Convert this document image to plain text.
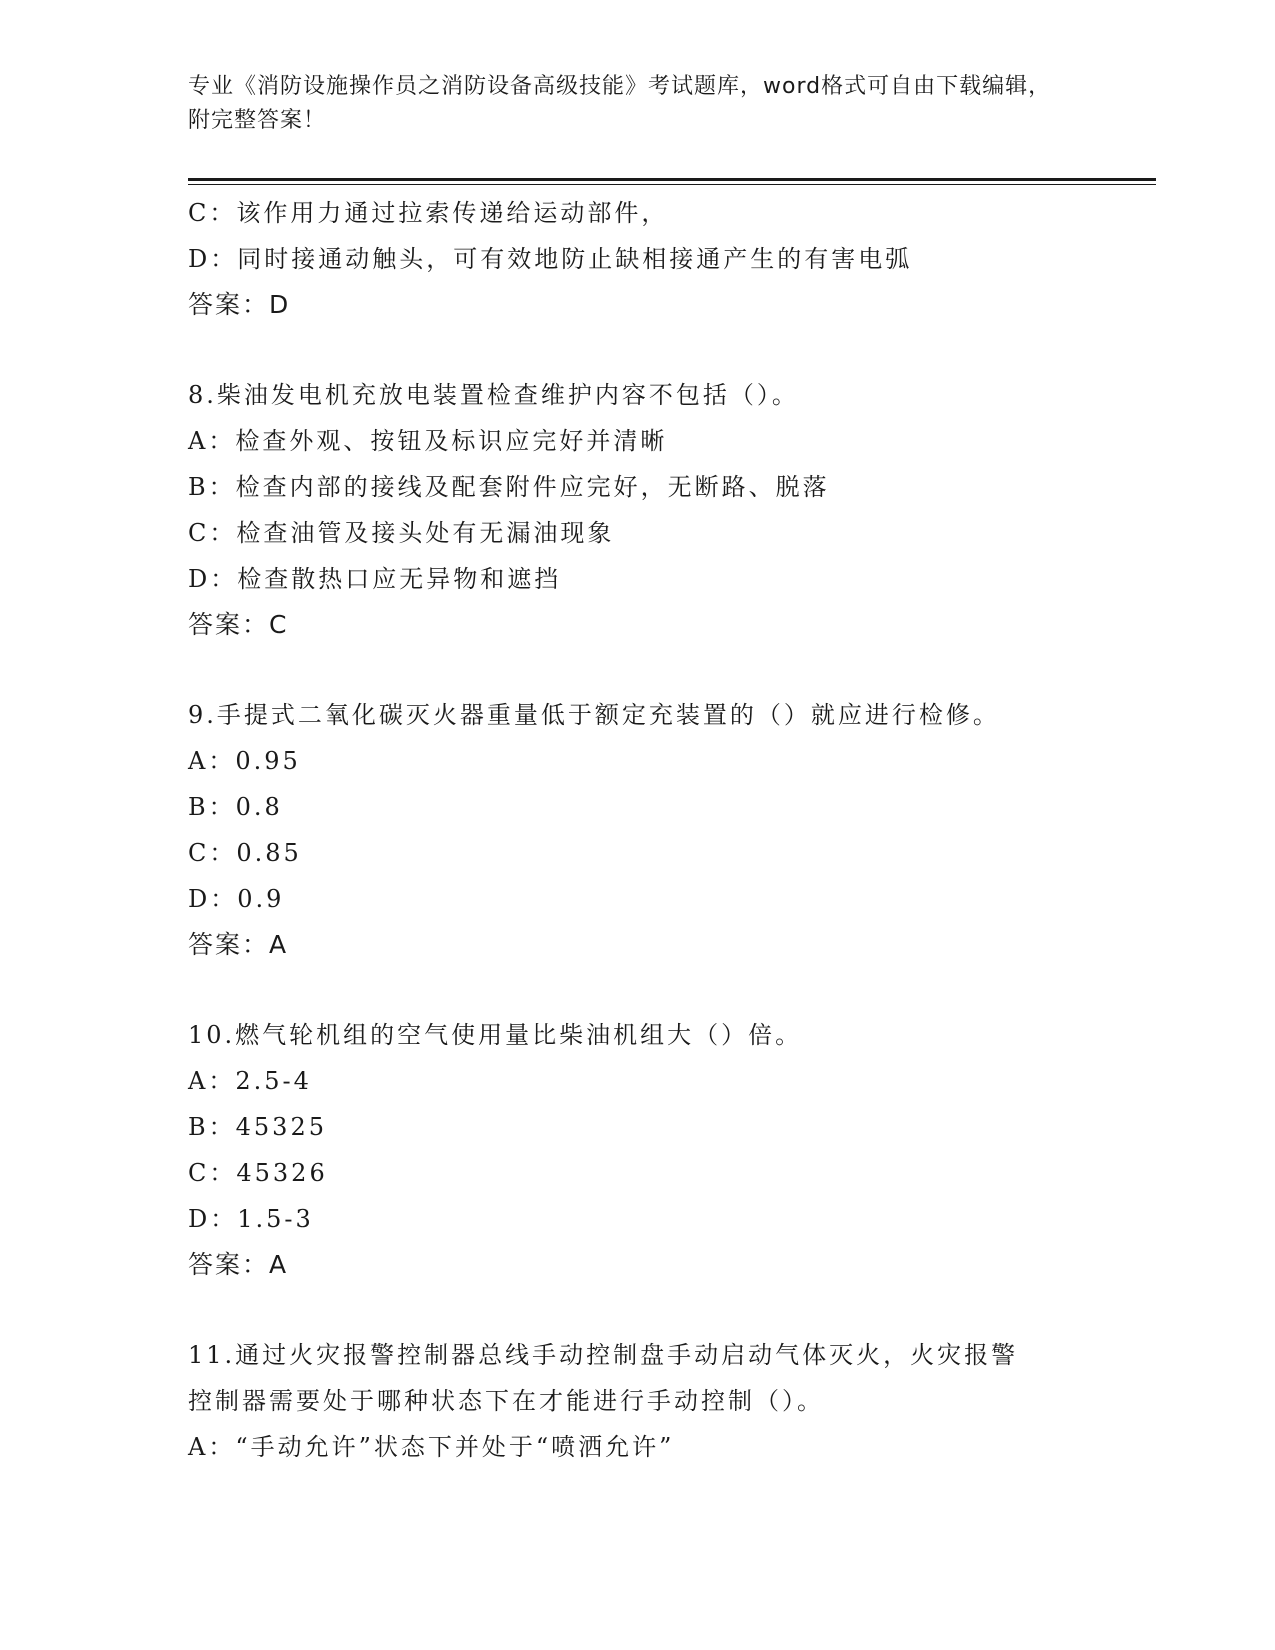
专业《消防设施操作员之消防设备高级技能》考试题库，word格式可自由下载编辑，附完整答案！
C：该作用力通过拉索传递给运动部件，
D：同时接通动触头，可有效地防止缺相接通产生的有害电弧
答案：D
8.柴油发电机充放电装置检查维护内容不包括（）。
A：检查外观、按钮及标识应完好并清晰
B：检查内部的接线及配套附件应完好，无断路、脱落
C：检查油管及接头处有无漏油现象
D：检查散热口应无异物和遮挡
答案：C
9.手提式二氧化碳灭火器重量低于额定充装置的（）就应进行检修。
A：0.95
B：0.8
C：0.85
D：0.9
答案：A
10.燃气轮机组的空气使用量比柴油机组大（）倍。
A：2.5-4
B：45325
C：45326
D：1.5-3
答案：A
11.通过火灾报警控制器总线手动控制盘手动启动气体灭火，火灾报警
控制器需要处于哪种状态下在才能进行手动控制（）。
A：“手动允许”状态下并处于“喷洒允许”
